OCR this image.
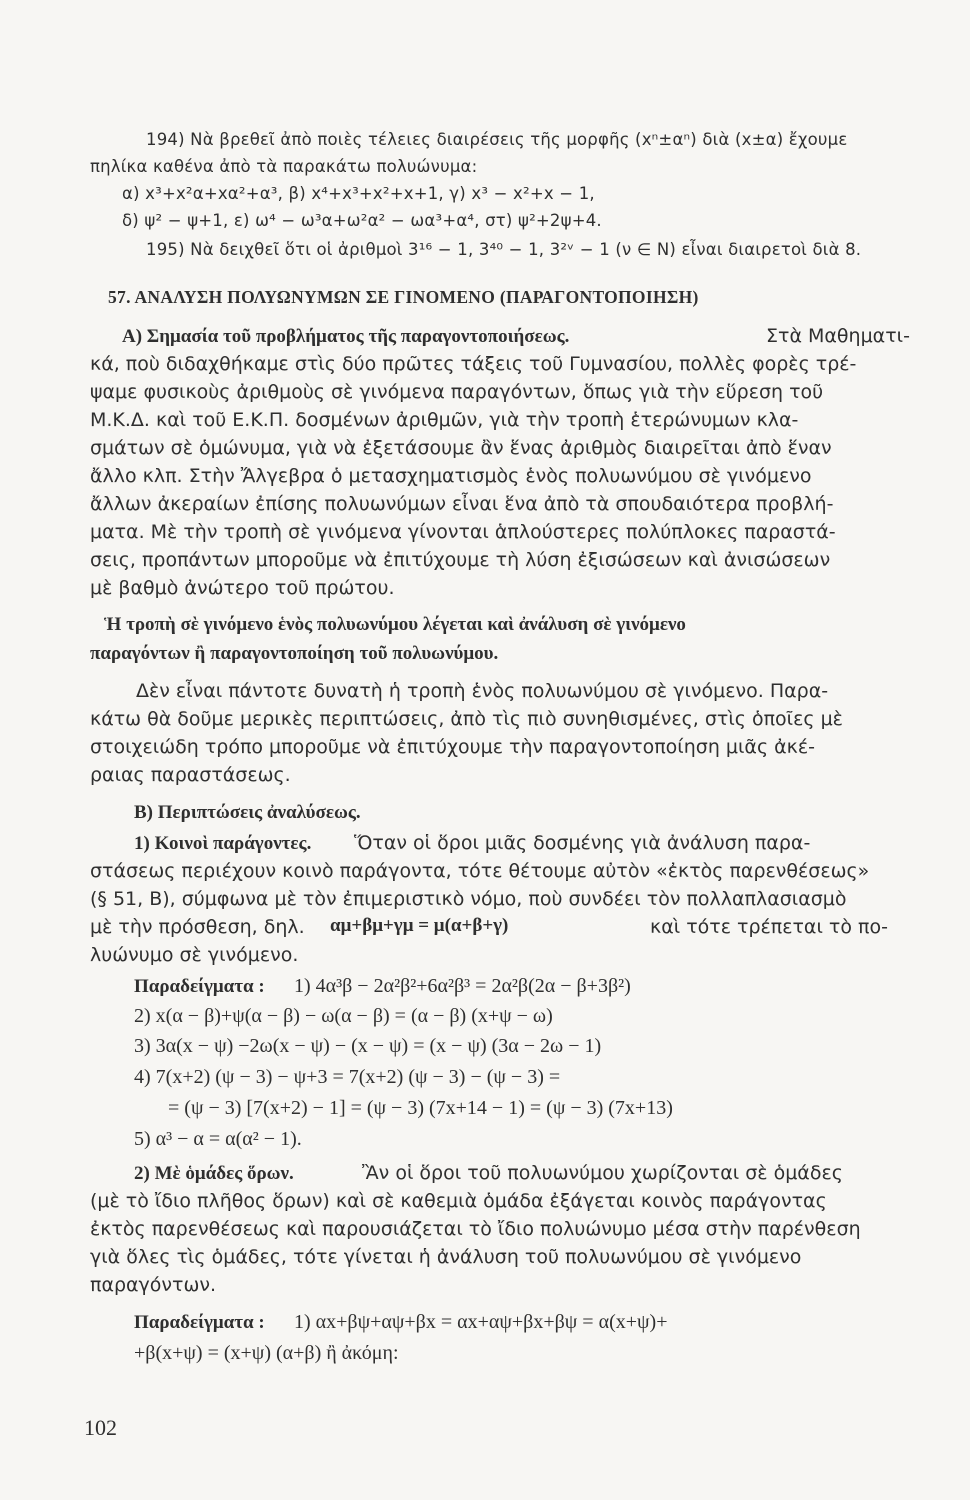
194) Νὰ βρεθεῖ ἀπὸ ποιὲς τέλειες διαιρέσεις τῆς μορφῆς (xⁿ±αⁿ) διὰ (x±α) ἔχουμε
πηλίκα καθένα ἀπὸ τὰ παρακάτω πολυώνυμα:
α) x³+x²α+xα²+α³, β) x⁴+x³+x²+x+1, γ) x³ − x²+x − 1,
δ) ψ² − ψ+1, ε) ω⁴ − ω³α+ω²α² − ωα³+α⁴, στ) ψ²+2ψ+4.
195) Νὰ δειχθεῖ ὅτι οἱ ἀριθμοὶ 3¹⁶ − 1, 3⁴⁰ − 1, 3²ᵛ − 1 (ν ∈ N) εἶναι διαιρετοὶ διὰ 8.
57. ΑΝΑΛΥΣΗ ΠΟΛΥΩΝΥΜΩΝ ΣΕ ΓΙΝΟΜΕΝΟ (ΠΑΡΑΓΟΝΤΟΠΟΙΗΣΗ)
Α) Σημασία τοῦ προβλήματος τῆς παραγοντοποιήσεως.	Στὰ Μαθηματι-
κά, ποὺ διδαχθήκαμε στὶς δύο πρῶτες τάξεις τοῦ Γυμνασίου, πολλὲς φορὲς τρέ-
ψαμε φυσικοὺς ἀριθμοὺς σὲ γινόμενα παραγόντων, ὅπως γιὰ τὴν εὕρεση τοῦ
Μ.Κ.Δ. καὶ τοῦ Ε.Κ.Π. δοσμένων ἀριθμῶν, γιὰ τὴν τροπὴ ἑτερώνυμων κλα-
σμάτων σὲ ὁμώνυμα, γιὰ νὰ ἐξετάσουμε ἂν ἕνας ἀριθμὸς διαιρεῖται ἀπὸ ἕναν
ἄλλο κλπ. Στὴν Ἄλγεβρα ὁ μετασχηματισμὸς ἑνὸς πολυωνύμου σὲ γινόμενο
ἄλλων ἀκεραίων ἐπίσης πολυωνύμων εἶναι ἕνα ἀπὸ τὰ σπουδαιότερα προβλή-
ματα. Μὲ τὴν τροπὴ σὲ γινόμενα γίνονται ἁπλούστερες πολύπλοκες παραστά-
σεις, προπάντων μποροῦμε νὰ ἐπιτύχουμε τὴ λύση ἐξισώσεων καὶ ἀνισώσεων
μὲ βαθμὸ ἀνώτερο τοῦ πρώτου.
Ἡ τροπὴ σὲ γινόμενο ἑνὸς πολυωνύμου λέγεται καὶ ἀνάλυση σὲ γινόμενο
παραγόντων ἢ παραγοντοποίηση τοῦ πολυωνύμου.
Δὲν εἶναι πάντοτε δυνατὴ ἡ τροπὴ ἑνὸς πολυωνύμου σὲ γινόμενο. Παρα-
κάτω θὰ δοῦμε μερικὲς περιπτώσεις, ἀπὸ τὶς πιὸ συνηθισμένες, στὶς ὁποῖες μὲ
στοιχειώδη τρόπο μποροῦμε νὰ ἐπιτύχουμε τὴν παραγοντοποίηση μιᾶς ἀκέ-
ραιας παραστάσεως.
Β) Περιπτώσεις ἀναλύσεως.
1) Κοινοὶ παράγοντες. Ὅταν οἱ ὅροι μιᾶς δοσμένης γιὰ ἀνάλυση παρα-
στάσεως περιέχουν κοινὸ παράγοντα, τότε θέτουμε αὐτὸν «ἐκτὸς παρενθέσεως»
(§ 51, Β), σύμφωνα μὲ τὸν ἐπιμεριστικὸ νόμο, ποὺ συνδέει τὸν πολλαπλασιασμὸ
μὲ τὴν πρόσθεση, δηλ. αμ+βμ+γμ = μ(α+β+γ)	καὶ τότε τρέπεται τὸ πο-
λυώνυμο σὲ γινόμενο.
Παραδείγματα : 1) 4α³β − 2α²β²+6α²β³ = 2α²β(2α − β+3β²)
2) x(α − β)+ψ(α − β) − ω(α − β) = (α − β) (x+ψ − ω)
3) 3α(x − ψ) −2ω(x − ψ) − (x − ψ) = (x − ψ) (3α − 2ω − 1)
4) 7(x+2) (ψ − 3) − ψ+3 = 7(x+2) (ψ − 3) − (ψ − 3) =
= (ψ − 3) [7(x+2) − 1] = (ψ − 3) (7x+14 − 1) = (ψ − 3) (7x+13)
5) α³ − α = α(α² − 1).
2) Μὲ ὁμάδες ὅρων.	Ἂν οἱ ὅροι τοῦ πολυωνύμου χωρίζονται σὲ ὁμάδες
(μὲ τὸ ἴδιο πλῆθος ὅρων) καὶ σὲ καθεμιὰ ὁμάδα ἐξάγεται κοινὸς παράγοντας
ἐκτὸς παρενθέσεως καὶ παρουσιάζεται τὸ ἴδιο πολυώνυμο μέσα στὴν παρένθεση
γιὰ ὅλες τὶς ὁμάδες, τότε γίνεται ἡ ἀνάλυση τοῦ πολυωνύμου σὲ γινόμενο
παραγόντων.
Παραδείγματα : 1) αx+βψ+αψ+βx = αx+αψ+βx+βψ = α(x+ψ)+
+β(x+ψ) = (x+ψ) (α+β) ἢ ἀκόμη:
102
